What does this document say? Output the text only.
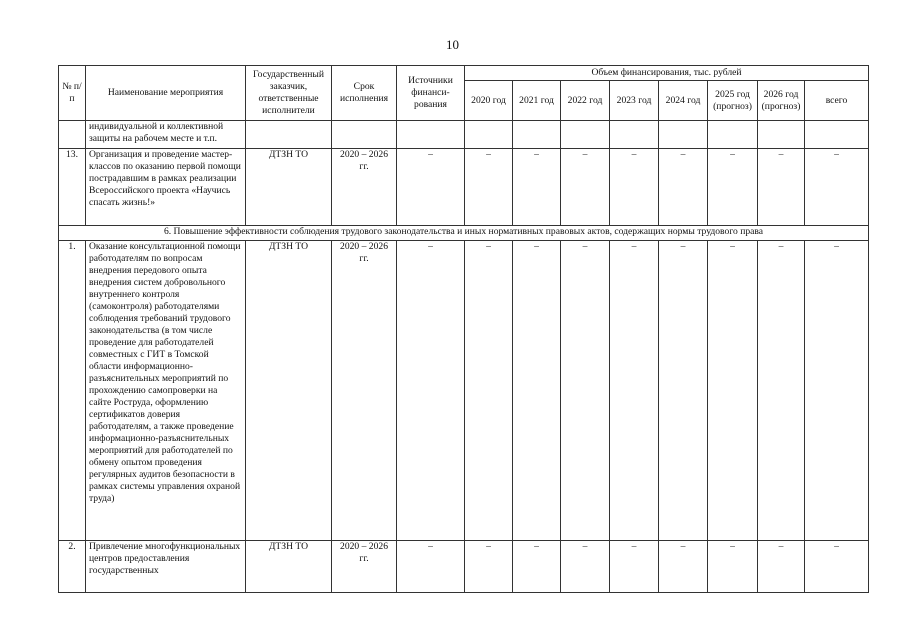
10
№ п/п	Наименование мероприятия	Государственный заказчик, ответственные исполнители	Срок исполнения	Источники финанси-рования	Объем финансирования, тыс. рублей							
					2020 год	2021 год	2022 год	2023 год	2024 год	2025 год (прогноз)	2026 год (прогноз)	всего
	индивидуальной и коллективной защиты на рабочем месте и т.п.											
13.	Организация и проведение мастер-классов по оказанию первой помощи пострадавшим в рамках реализации Всероссийского проекта «Научись спасать жизнь!»	ДТЗН ТО	2020 – 2026 гг.	–	–	–	–	–	–	–	–	–
6. Повышение эффективности соблюдения трудового законодательства и иных нормативных правовых актов, содержащих нормы трудового права												
1.	Оказание консультационной помощи работодателям по вопросам внедрения передового опыта внедрения систем добровольного внутреннего контроля (самоконтроля) работодателями соблюдения требований трудового законодательства (в том числе проведение для работодателей совместных с ГИТ в Томской области информационно-разъяснительных мероприятий по прохождению самопроверки на сайте Роструда, оформлению сертификатов доверия работодателям, а также проведение информационно-разъяснительных мероприятий для работодателей по обмену опытом проведения регулярных аудитов безопасности в рамках системы управления охраной труда)	ДТЗН ТО	2020 – 2026 гг.	–	–	–	–	–	–	–	–	–
2.	Привлечение многофункциональных центров предоставления государственных	ДТЗН ТО	2020 – 2026 гг.	–	–	–	–	–	–	–	–	–
